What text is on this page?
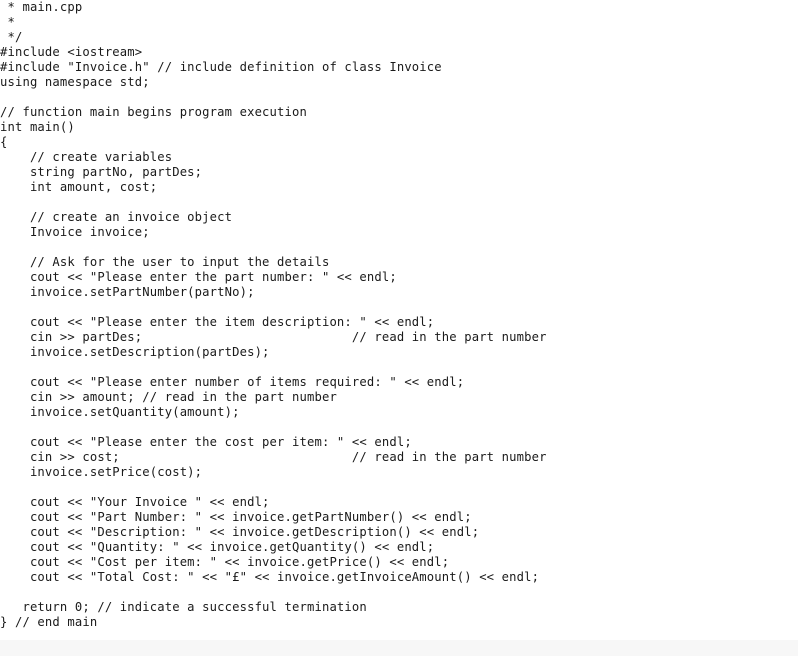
* main.cpp
*
*/
#include <iostream>
#include "Invoice.h" // include definition of class Invoice
using namespace std;

// function main begins program execution
int main()
{
// create variables
string partNo, partDes;
int amount, cost;

// create an invoice object
Invoice invoice;

// Ask for the user to input the details
cout << "Please enter the part number: " << endl;
invoice.setPartNumber(partNo);

cout << "Please enter the item description: " << endl;
cin >> partDes;                            // read in the part number
invoice.setDescription(partDes);

cout << "Please enter number of items required: " << endl;
cin >> amount; // read in the part number
invoice.setQuantity(amount);

cout << "Please enter the cost per item: " << endl;
cin >> cost;                               // read in the part number
invoice.setPrice(cost);

cout << "Your Invoice " << endl;
cout << "Part Number: " << invoice.getPartNumber() << endl;
cout << "Description: " << invoice.getDescription() << endl;
cout << "Quantity: " << invoice.getQuantity() << endl;
cout << "Cost per item: " << invoice.getPrice() << endl;
cout << "Total Cost: " << "£" << invoice.getInvoiceAmount() << endl;

return 0; // indicate a successful termination
} // end main
